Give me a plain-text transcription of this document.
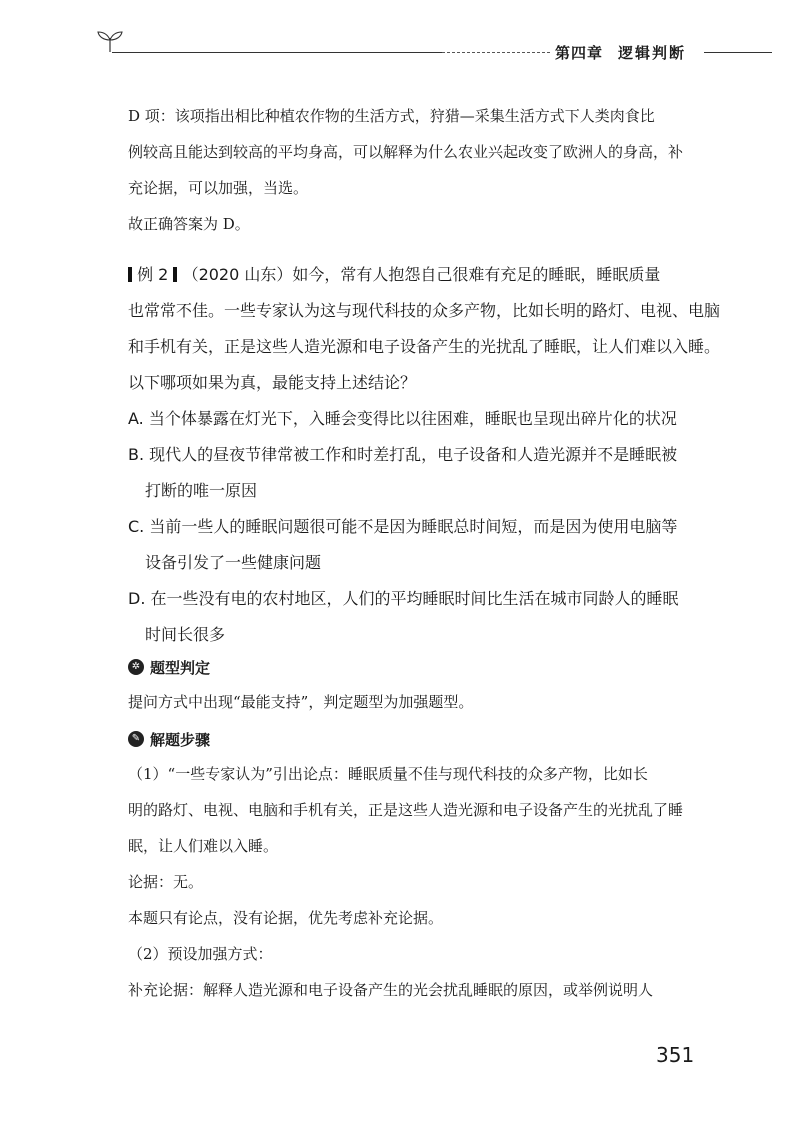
第四章 逻辑判断
D 项：该项指出相比种植农作物的生活方式，狩猎—采集生活方式下人类肉食比
例较高且能达到较高的平均身高，可以解释为什么农业兴起改变了欧洲人的身高，补
充论据，可以加强，当选。
故正确答案为 D。
例 2 （2020 山东）如今，常有人抱怨自己很难有充足的睡眠，睡眠质量
也常常不佳。一些专家认为这与现代科技的众多产物，比如长明的路灯、电视、电脑
和手机有关，正是这些人造光源和电子设备产生的光扰乱了睡眠，让人们难以入睡。
以下哪项如果为真，最能支持上述结论？
A. 当个体暴露在灯光下，入睡会变得比以往困难，睡眠也呈现出碎片化的状况
B. 现代人的昼夜节律常被工作和时差打乱，电子设备和人造光源并不是睡眠被
打断的唯一原因
C. 当前一些人的睡眠问题很可能不是因为睡眠总时间短，而是因为使用电脑等
设备引发了一些健康问题
D. 在一些没有电的农村地区，人们的平均睡眠时间比生活在城市同龄人的睡眠
时间长很多
✲ 题型判定
提问方式中出现“最能支持”，判定题型为加强题型。
✎ 解题步骤
（1）“一些专家认为”引出论点：睡眠质量不佳与现代科技的众多产物，比如长
明的路灯、电视、电脑和手机有关，正是这些人造光源和电子设备产生的光扰乱了睡
眠，让人们难以入睡。
论据：无。
本题只有论点，没有论据，优先考虑补充论据。
（2）预设加强方式：
补充论据：解释人造光源和电子设备产生的光会扰乱睡眠的原因，或举例说明人
351
